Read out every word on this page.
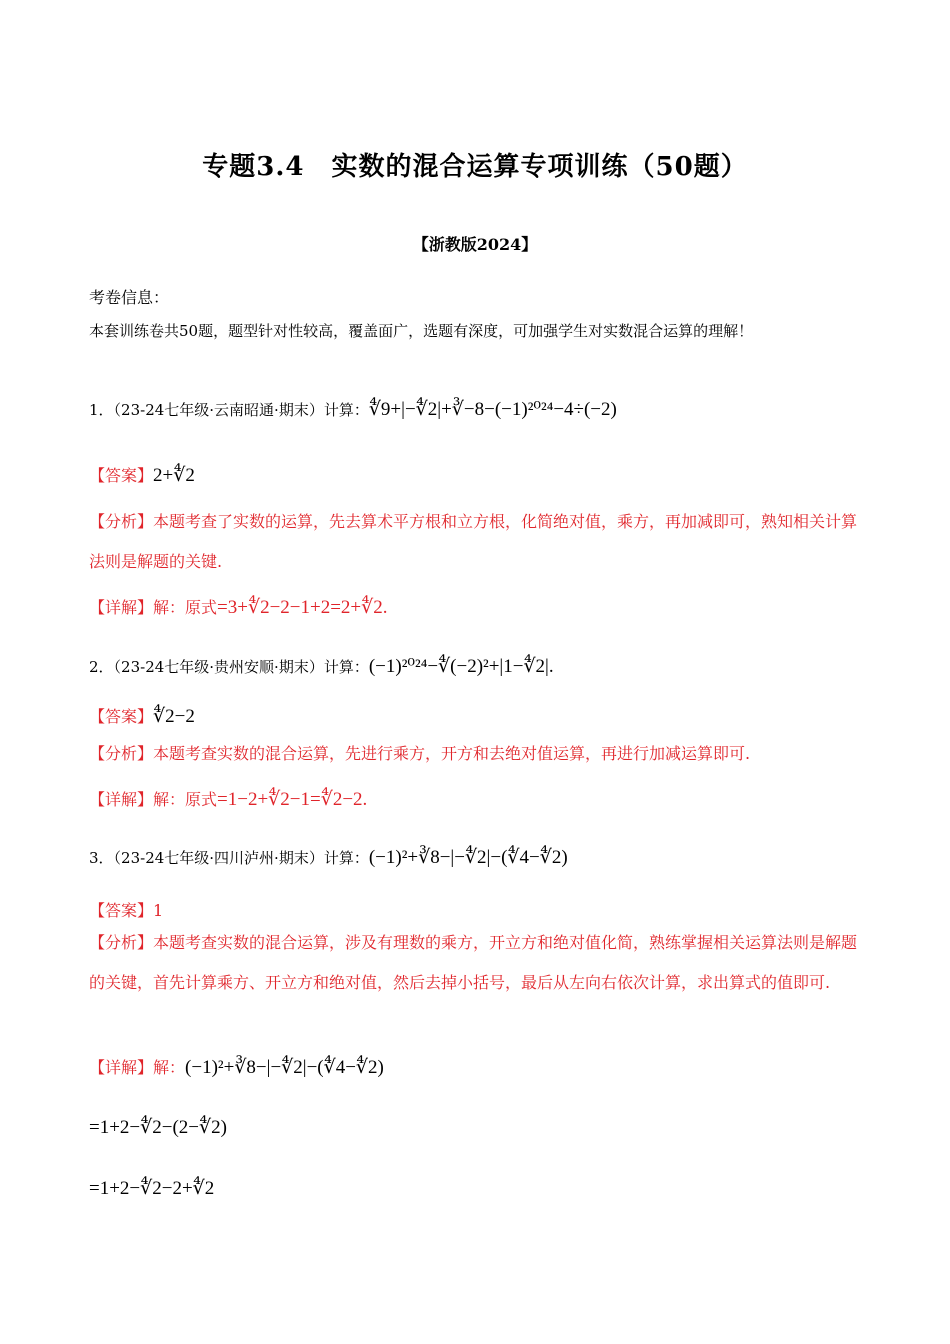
专题3.4　实数的混合运算专项训练（50题）
【浙教版2024】
考卷信息：
本套训练卷共50题，题型针对性较高，覆盖面广，选题有深度，可加强学生对实数混合运算的理解！
1．（23-24七年级·云南昭通·期末）计算：∜9+|−∜2|+∛−8−(−1)²⁰²⁴−4÷(−2)
【答案】2+∜2
【分析】本题考查了实数的运算，先去算术平方根和立方根，化简绝对值，乘方，再加减即可，熟知相关计算法则是解题的关键.
【详解】解：原式=3+∜2−2−1+2=2+∜2.
2．（23-24七年级·贵州安顺·期末）计算：(−1)²⁰²⁴−∜(−2)²+|1−∜2|.
【答案】∜2−2
【分析】本题考查实数的混合运算，先进行乘方，开方和去绝对值运算，再进行加减运算即可.
【详解】解：原式=1−2+∜2−1=∜2−2.
3．（23-24七年级·四川泸州·期末）计算：(−1)²+∛8−|−∜2|−(∜4−∜2)
【答案】1
【分析】本题考查实数的混合运算，涉及有理数的乘方，开立方和绝对值化简，熟练掌握相关运算法则是解题的关键，首先计算乘方、开立方和绝对值，然后去掉小括号，最后从左向右依次计算，求出算式的值即可.
【详解】解：(−1)²+∛8−|−∜2|−(∜4−∜2)
=1+2−∜2−(2−∜2)
=1+2−∜2−2+∜2
